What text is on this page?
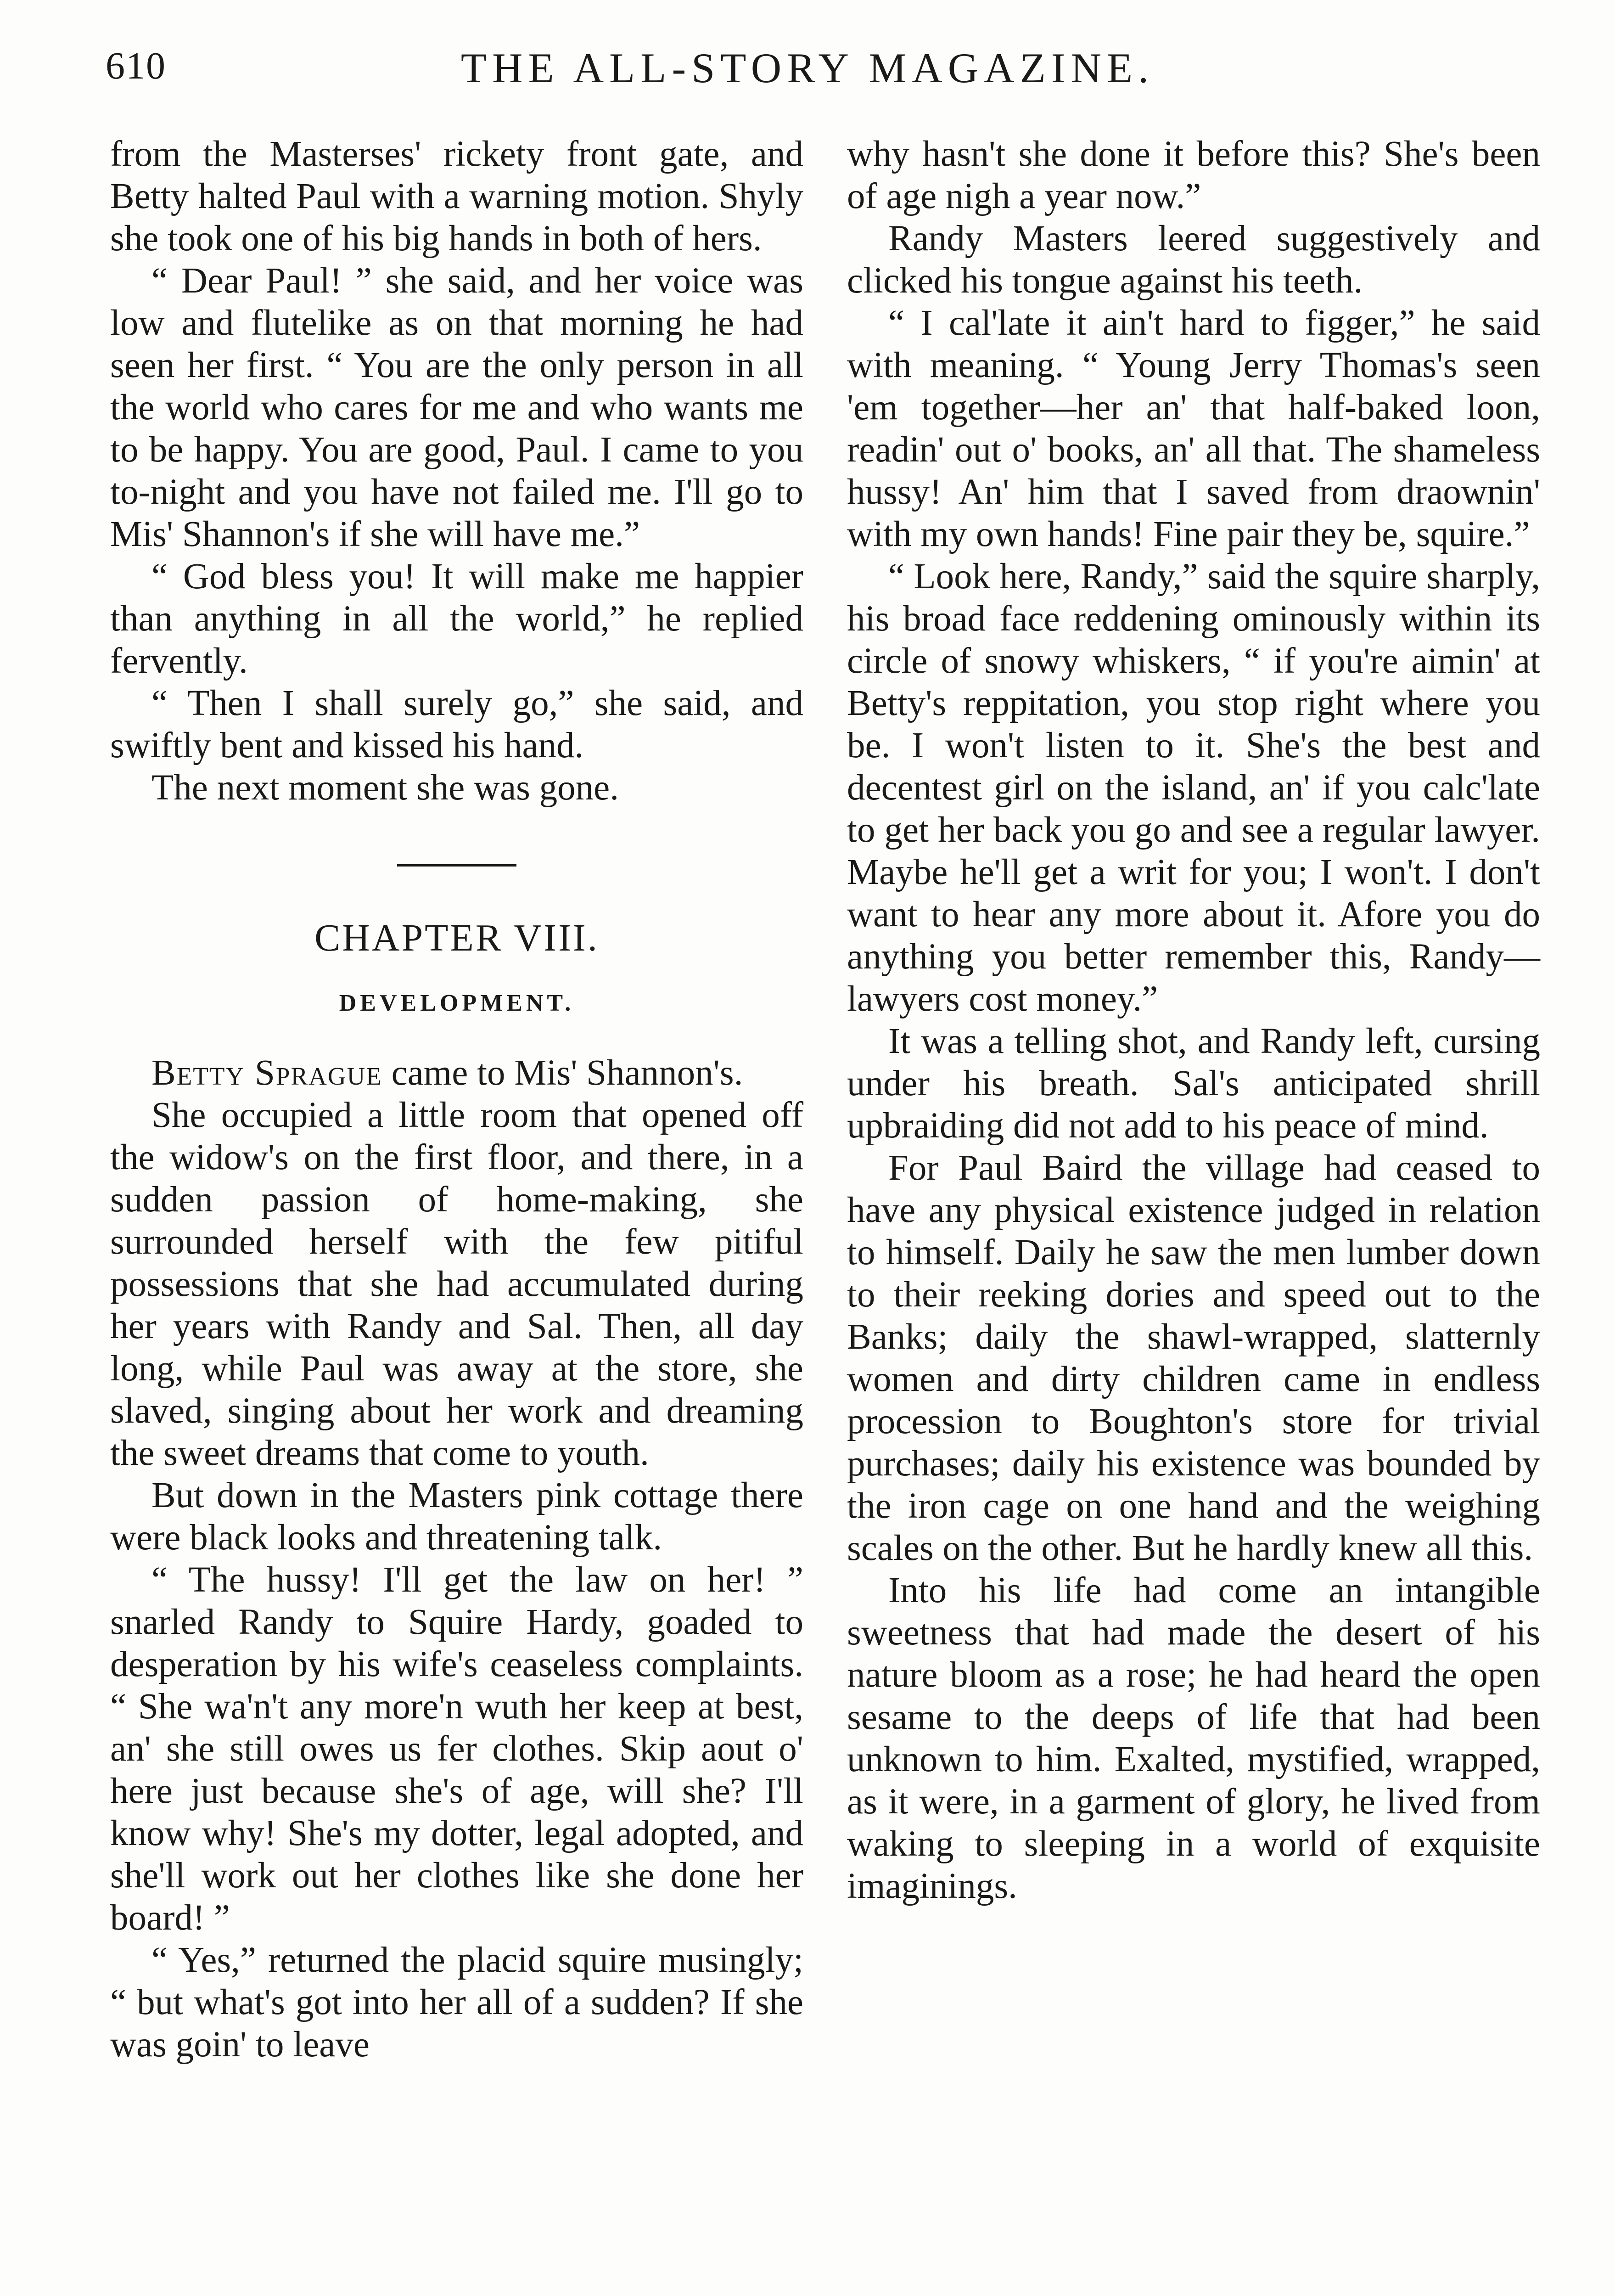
610	THE ALL-STORY MAGAZINE.

from the Masterses' rickety front gate, and Betty halted Paul with a warning motion. Shyly she took one of his big hands in both of hers.

“ Dear Paul! ” she said, and her voice was low and flutelike as on that morning he had seen her first. “ You are the only person in all the world who cares for me and who wants me to be happy. You are good, Paul. I came to you to-night and you have not failed me. I'll go to Mis' Shannon's if she will have me.”

“ God bless you! It will make me happier than anything in all the world,” he replied fervently.

“ Then I shall surely go,” she said, and swiftly bent and kissed his hand.

The next moment she was gone.

CHAPTER VIII.
DEVELOPMENT.

Betty Sprague came to Mis' Shannon's.

She occupied a little room that opened off the widow's on the first floor, and there, in a sudden passion of home-making, she surrounded herself with the few pitiful possessions that she had accumulated during her years with Randy and Sal. Then, all day long, while Paul was away at the store, she slaved, singing about her work and dreaming the sweet dreams that come to youth.

But down in the Masters pink cottage there were black looks and threatening talk.

“ The hussy! I'll get the law on her! ” snarled Randy to Squire Hardy, goaded to desperation by his wife's ceaseless complaints. “ She wa'n't any more'n wuth her keep at best, an' she still owes us fer clothes. Skip aout o' here just because she's of age, will she? I'll know why! She's my dotter, legal adopted, and she'll work out her clothes like she done her board! ”

“ Yes,” returned the placid squire musingly; “ but what's got into her all of a sudden? If she was goin' to leave

why hasn't she done it before this? She's been of age nigh a year now.”

Randy Masters leered suggestively and clicked his tongue against his teeth.

“ I cal'late it ain't hard to figger,” he said with meaning. “ Young Jerry Thomas's seen 'em together—her an' that half-baked loon, readin' out o' books, an' all that. The shameless hussy! An' him that I saved from draownin' with my own hands! Fine pair they be, squire.”

“ Look here, Randy,” said the squire sharply, his broad face reddening ominously within its circle of snowy whiskers, “ if you're aimin' at Betty's reppitation, you stop right where you be. I won't listen to it. She's the best and decentest girl on the island, an' if you calc'late to get her back you go and see a regular lawyer. Maybe he'll get a writ for you; I won't. I don't want to hear any more about it. Afore you do anything you better remember this, Randy—lawyers cost money.”

It was a telling shot, and Randy left, cursing under his breath. Sal's anticipated shrill upbraiding did not add to his peace of mind.

For Paul Baird the village had ceased to have any physical existence judged in relation to himself. Daily he saw the men lumber down to their reeking dories and speed out to the Banks; daily the shawl-wrapped, slatternly women and dirty children came in endless procession to Boughton's store for trivial purchases; daily his existence was bounded by the iron cage on one hand and the weighing scales on the other. But he hardly knew all this.

Into his life had come an intangible sweetness that had made the desert of his nature bloom as a rose; he had heard the open sesame to the deeps of life that had been unknown to him. Exalted, mystified, wrapped, as it were, in a garment of glory, he lived from waking to sleeping in a world of exquisite imaginings.
